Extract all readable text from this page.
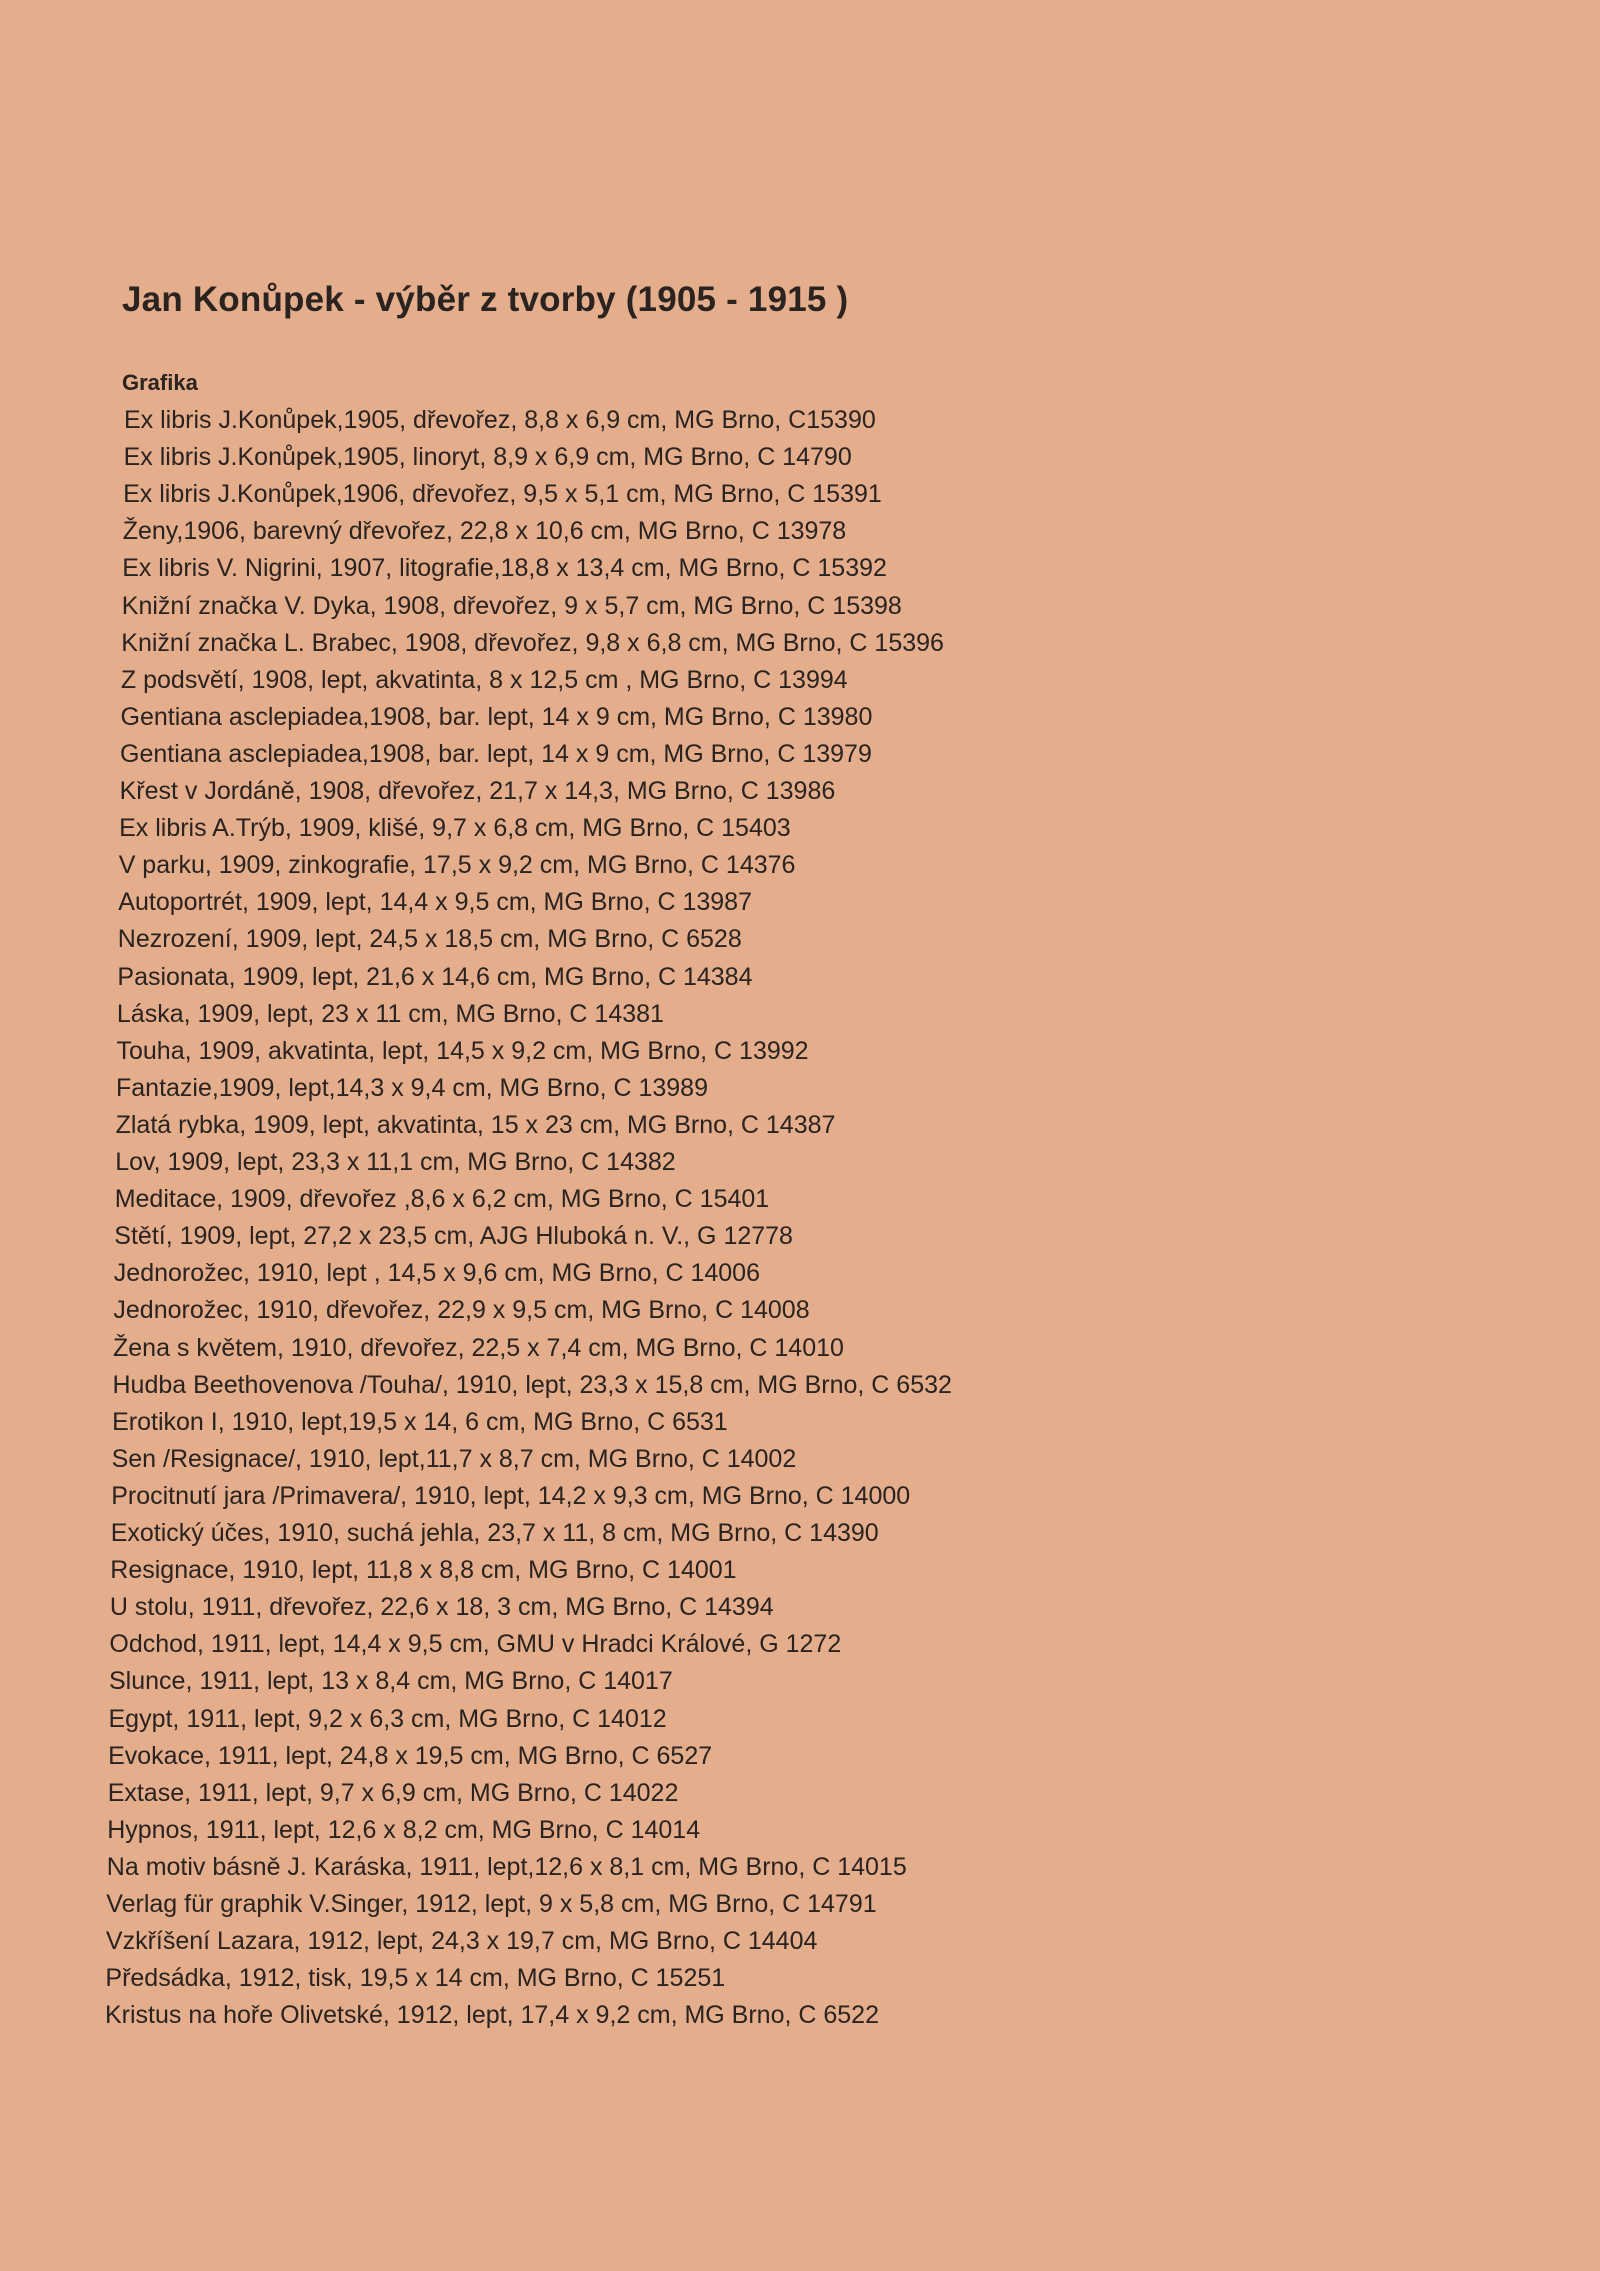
Jan Konůpek - výběr z tvorby (1905 - 1915 )
Grafika
Ex libris J.Konůpek,1905, dřevořez, 8,8 x 6,9 cm, MG Brno, C15390
Ex libris J.Konůpek,1905, linoryt, 8,9 x 6,9 cm, MG Brno, C 14790
Ex libris J.Konůpek,1906, dřevořez, 9,5 x 5,1 cm, MG Brno, C 15391
Ženy,1906, barevný dřevořez, 22,8 x 10,6 cm, MG Brno, C 13978
Ex libris V. Nigrini, 1907, litografie,18,8 x 13,4 cm, MG Brno, C 15392
Knižní značka V. Dyka, 1908, dřevořez, 9 x 5,7 cm, MG Brno, C 15398
Knižní značka L. Brabec, 1908, dřevořez, 9,8 x 6,8 cm, MG Brno, C 15396
Z podsvětí, 1908, lept, akvatinta, 8 x 12,5 cm , MG Brno, C 13994
Gentiana asclepiadea,1908, bar. lept, 14 x 9 cm, MG Brno, C 13980
Gentiana asclepiadea,1908, bar. lept, 14 x 9 cm, MG Brno, C 13979
Křest v Jordáně, 1908, dřevořez, 21,7 x 14,3, MG Brno, C 13986
Ex libris A.Trýb, 1909, klišé, 9,7 x 6,8 cm, MG Brno, C 15403
V parku, 1909, zinkografie, 17,5 x 9,2 cm, MG Brno, C 14376
Autoportrét, 1909, lept, 14,4 x 9,5 cm, MG Brno, C 13987
Nezrození, 1909, lept, 24,5 x 18,5 cm, MG Brno, C 6528
Pasionata, 1909, lept, 21,6 x 14,6 cm, MG Brno, C 14384
Láska, 1909, lept, 23 x 11 cm, MG Brno, C 14381
Touha, 1909, akvatinta, lept, 14,5 x 9,2 cm, MG Brno, C 13992
Fantazie,1909, lept,14,3 x 9,4 cm, MG Brno, C 13989
Zlatá rybka, 1909, lept, akvatinta, 15 x 23 cm, MG Brno, C 14387
Lov, 1909, lept, 23,3 x 11,1 cm, MG Brno, C 14382
Meditace, 1909, dřevořez ,8,6 x 6,2 cm, MG Brno, C 15401
Stětí, 1909, lept, 27,2 x 23,5 cm, AJG Hluboká n. V., G 12778
Jednorožec, 1910, lept , 14,5 x 9,6 cm, MG Brno, C 14006
Jednorožec, 1910, dřevořez, 22,9 x 9,5 cm, MG Brno, C 14008
Žena s květem, 1910, dřevořez, 22,5 x 7,4 cm, MG Brno, C 14010
Hudba Beethovenova /Touha/, 1910, lept, 23,3 x 15,8 cm, MG Brno, C 6532
Erotikon I, 1910, lept,19,5 x 14, 6 cm, MG Brno, C 6531
Sen /Resignace/, 1910, lept,11,7 x 8,7 cm, MG Brno, C 14002
Procitnutí jara /Primavera/, 1910, lept, 14,2 x 9,3 cm, MG Brno, C 14000
Exotický účes, 1910, suchá jehla, 23,7 x 11, 8 cm, MG Brno, C 14390
Resignace, 1910, lept, 11,8 x 8,8 cm, MG Brno, C 14001
U stolu, 1911, dřevořez, 22,6 x 18, 3 cm, MG Brno, C 14394
Odchod, 1911, lept, 14,4 x 9,5 cm, GMU v Hradci Králové, G 1272
Slunce, 1911, lept, 13 x 8,4 cm, MG Brno, C 14017
Egypt, 1911, lept, 9,2 x 6,3 cm, MG Brno, C 14012
Evokace, 1911, lept, 24,8 x 19,5 cm, MG Brno, C 6527
Extase, 1911, lept, 9,7 x 6,9 cm, MG Brno, C 14022
Hypnos, 1911, lept, 12,6 x 8,2 cm, MG Brno, C 14014
Na motiv básně J. Karáska, 1911, lept,12,6 x 8,1 cm, MG Brno, C 14015
Verlag für graphik V.Singer, 1912, lept, 9 x 5,8 cm, MG Brno, C 14791
Vzkříšení Lazara, 1912, lept, 24,3 x 19,7 cm, MG Brno, C 14404
Předsádka, 1912, tisk, 19,5 x 14 cm, MG Brno, C 15251
Kristus na hoře Olivetské, 1912, lept, 17,4 x 9,2 cm, MG Brno, C 6522
